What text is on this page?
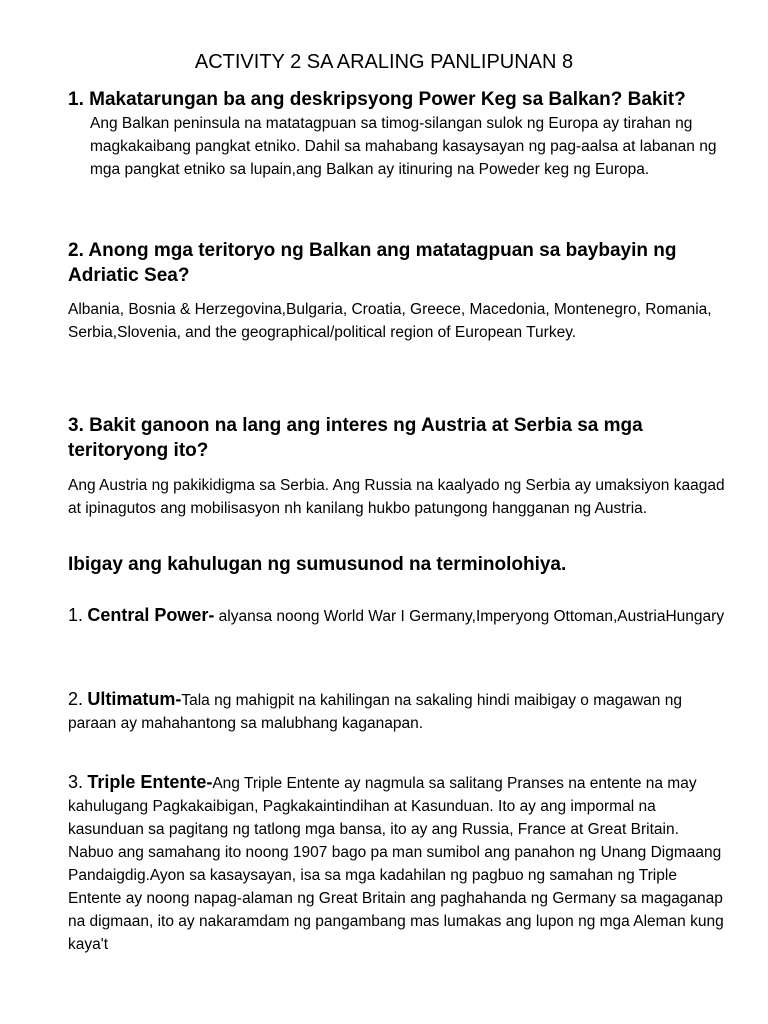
ACTIVITY 2 SA ARALING PANLIPUNAN 8
1. Makatarungan ba ang deskripsyong Power Keg sa Balkan? Bakit?
Ang Balkan peninsula na matatagpuan sa timog-silangan sulok ng Europa ay tirahan ng magkakaibang pangkat etniko. Dahil sa mahabang kasaysayan ng pag-aalsa at labanan ng mga pangkat etniko sa lupain,ang Balkan ay itinuring na Poweder keg ng Europa.
2. Anong mga teritoryo ng Balkan ang matatagpuan sa baybayin ng Adriatic Sea?
Albania, Bosnia & Herzegovina,Bulgaria, Croatia, Greece, Macedonia, Montenegro, Romania, Serbia,Slovenia, and the geographical/political region of European Turkey.
3. Bakit ganoon na lang ang interes ng Austria at Serbia sa mga teritoryong ito?
Ang Austria ng pakikidigma sa Serbia. Ang Russia na kaalyado ng Serbia ay umaksiyon kaagad at ipinagutos ang mobilisasyon nh kanilang hukbo patungong hangganan ng Austria.
Ibigay ang kahulugan ng sumusunod na terminolohiya.
1. Central Power- alyansa noong World War I Germany,Imperyong Ottoman,AustriaHungary
2. Ultimatum-Tala ng mahigpit na kahilingan na sakaling hindi maibigay o magawan ng paraan ay mahahantong sa malubhang kaganapan.
3. Triple Entente-Ang Triple Entente ay nagmula sa salitang Pranses na entente na may kahulugang Pagkakaibigan, Pagkakaintindihan at Kasunduan. Ito ay ang impormal na kasunduan sa pagitang ng tatlong mga bansa, ito ay ang Russia, France at Great Britain. Nabuo ang samahang ito noong 1907 bago pa man sumibol ang panahon ng Unang Digmaang Pandaigdig.Ayon sa kasaysayan, isa sa mga kadahilan ng pagbuo ng samahan ng Triple Entente ay noong napag-alaman ng Great Britain ang paghahanda ng Germany sa magaganap na digmaan, ito ay nakaramdam ng pangambang mas lumakas ang lupon ng mga Aleman kung kaya't
